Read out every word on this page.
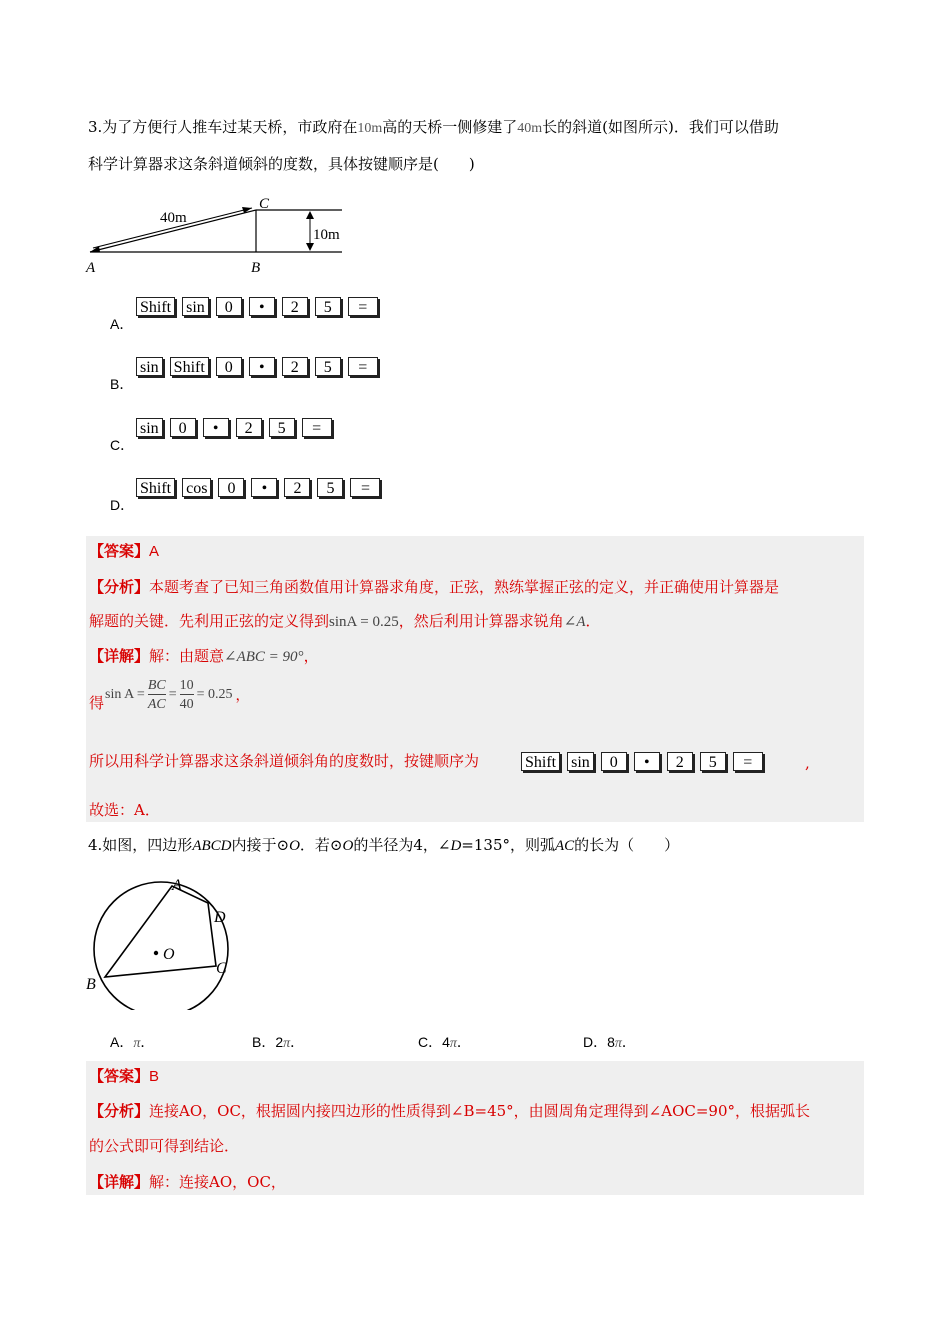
3.为了方便行人推车过某天桥，市政府在10m高的天桥一侧修建了40m长的斜道(如图所示)．我们可以借助
科学计算器求这条斜道倾斜的度数，具体按键顺序是(　　)
40m
10m
A	B
C
A．
Shift sin	0	•	2	5	=
B．
sin Shift	0	•	2	5	=
C．
sin	0	•	2	5	=
D．
Shift cos	0	•	2	5	=
【答案】A
【分析】本题考查了已知三角函数值用计算器求角度，正弦，熟练掌握正弦的定义，并正确使用计算器是
解题的关键．先利用正弦的定义得到sinA = 0.25，然后利用计算器求锐角∠A．
【详解】解：由题意∠ABC = 90°，
得 $\sin A = \frac{BC}{AC} = \frac{10}{40} = 0.25$ ，
所以用科学计算器求这条斜道倾斜角的度数时，按键顺序为	Shift sin	0	•	2	5	=	,
故选：A．
4.如图，四边形ABCD内接于⊙O．若⊙O的半径为4，∠D=135°，则弧AC的长为（　　）
A
D
C
B
O
A．π．	B．2π．	C．4π．	D．8π．
【答案】B
【分析】连接AO，OC，根据圆内接四边形的性质得到∠B=45°，由圆周角定理得到∠AOC=90°，根据弧长
的公式即可得到结论．
【详解】解：连接AO，OC，
